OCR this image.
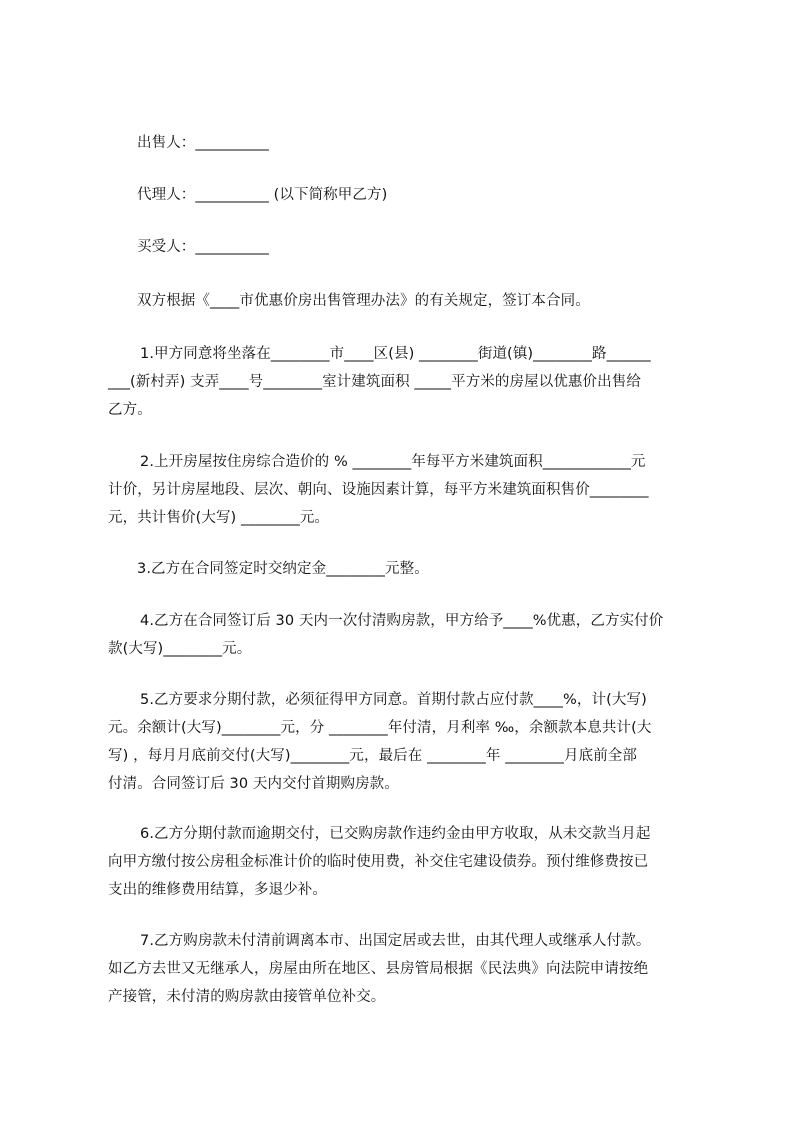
出售人：__________
代理人：__________ (以下简称甲乙方)
买受人：__________
双方根据《____市优惠价房出售管理办法》的有关规定，签订本合同。
1.甲方同意将坐落在________市____区(县) ________街道(镇)________路______
___(新村弄) 支弄____号________室计建筑面积 _____平方米的房屋以优惠价出售给
乙方。
2.上开房屋按住房综合造价的 % ________年每平方米建筑面积____________元
计价，另计房屋地段、层次、朝向、设施因素计算，每平方米建筑面积售价________
元，共计售价(大写) ________元。
3.乙方在合同签定时交纳定金________元整。
4.乙方在合同签订后 30 天内一次付清购房款，甲方给予____%优惠，乙方实付价
款(大写)________元。
5.乙方要求分期付款，必须征得甲方同意。首期付款占应付款____%，计(大写)
元。余额计(大写)________元，分 ________年付清，月利率 ‰，余额款本息共计(大
写) ，每月月底前交付(大写)________元，最后在 ________年 ________月底前全部
付清。合同签订后 30 天内交付首期购房款。
6.乙方分期付款而逾期交付，已交购房款作违约金由甲方收取，从未交款当月起
向甲方缴付按公房租金标准计价的临时使用费，补交住宅建设债券。预付维修费按已
支出的维修费用结算，多退少补。
7.乙方购房款未付清前调离本市、出国定居或去世，由其代理人或继承人付款。
如乙方去世又无继承人，房屋由所在地区、县房管局根据《民法典》向法院申请按绝
产接管，未付清的购房款由接管单位补交。
